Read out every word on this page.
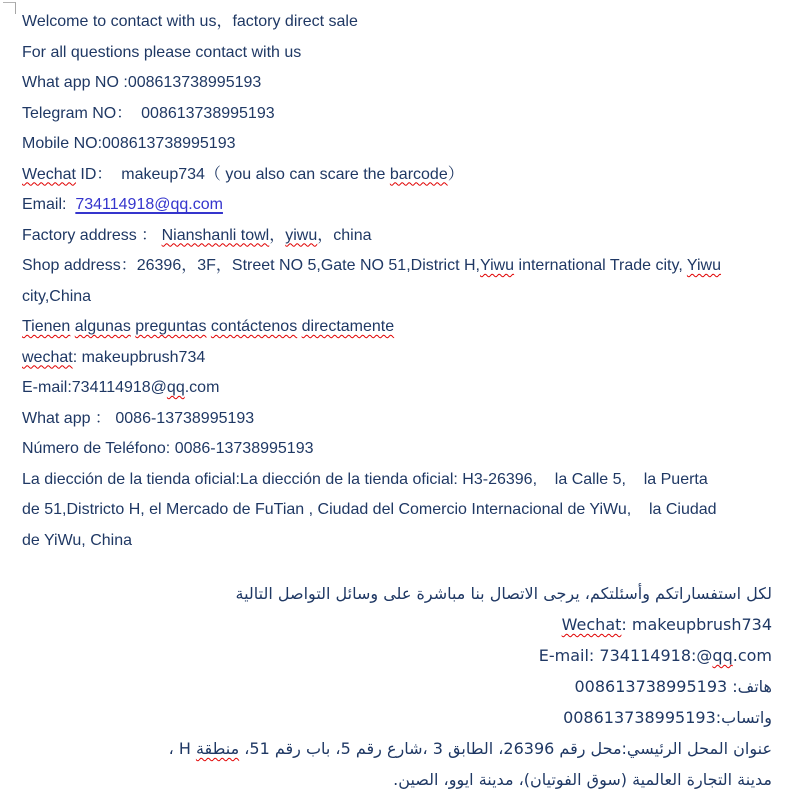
Welcome to contact with us，factory direct sale
For all questions please contact with us
What app NO :008613738995193
Telegram NO：  008613738995193
Mobile NO:008613738995193
Wechat ID：  makeup734（ you also can scare the barcode）
Email:  734114918@qq.com
Factory address ： Nianshanli towl，yiwu，china
Shop address：26396，3F，Street NO 5,Gate NO 51,District H,Yiwu international Trade city, Yiwu
city,China
Tienen algunas preguntas contáctenos directamente
wechat: makeupbrush734
E-mail:734114918@qq.com
What app ： 0086-13738995193
Número de Teléfono: 0086-13738995193
La diección de la tienda oficial:La diección de la tienda oficial: H3-26396,    la Calle 5,    la Puerta
de 51,Districto H, el Mercado de FuTian , Ciudad del Comercio Internacional de YiWu,    la Ciudad
de YiWu, China
لكل استفساراتكم وأسئلتكم، يرجى الاتصال بنا مباشرة على وسائل التواصل التالية
Wechat: makeupbrush734
E-mail: 734114918:@qq.com
هاتف: 008613738995193
واتساب:008613738995193
عنوان المحل الرئيسي:محل رقم 26396، الطابق 3 ،شارع رقم 5، باب رقم 51، منطقة H ،
مدينة التجارة العالمية (سوق الفوتيان)، مدينة ايوو، الصين.
